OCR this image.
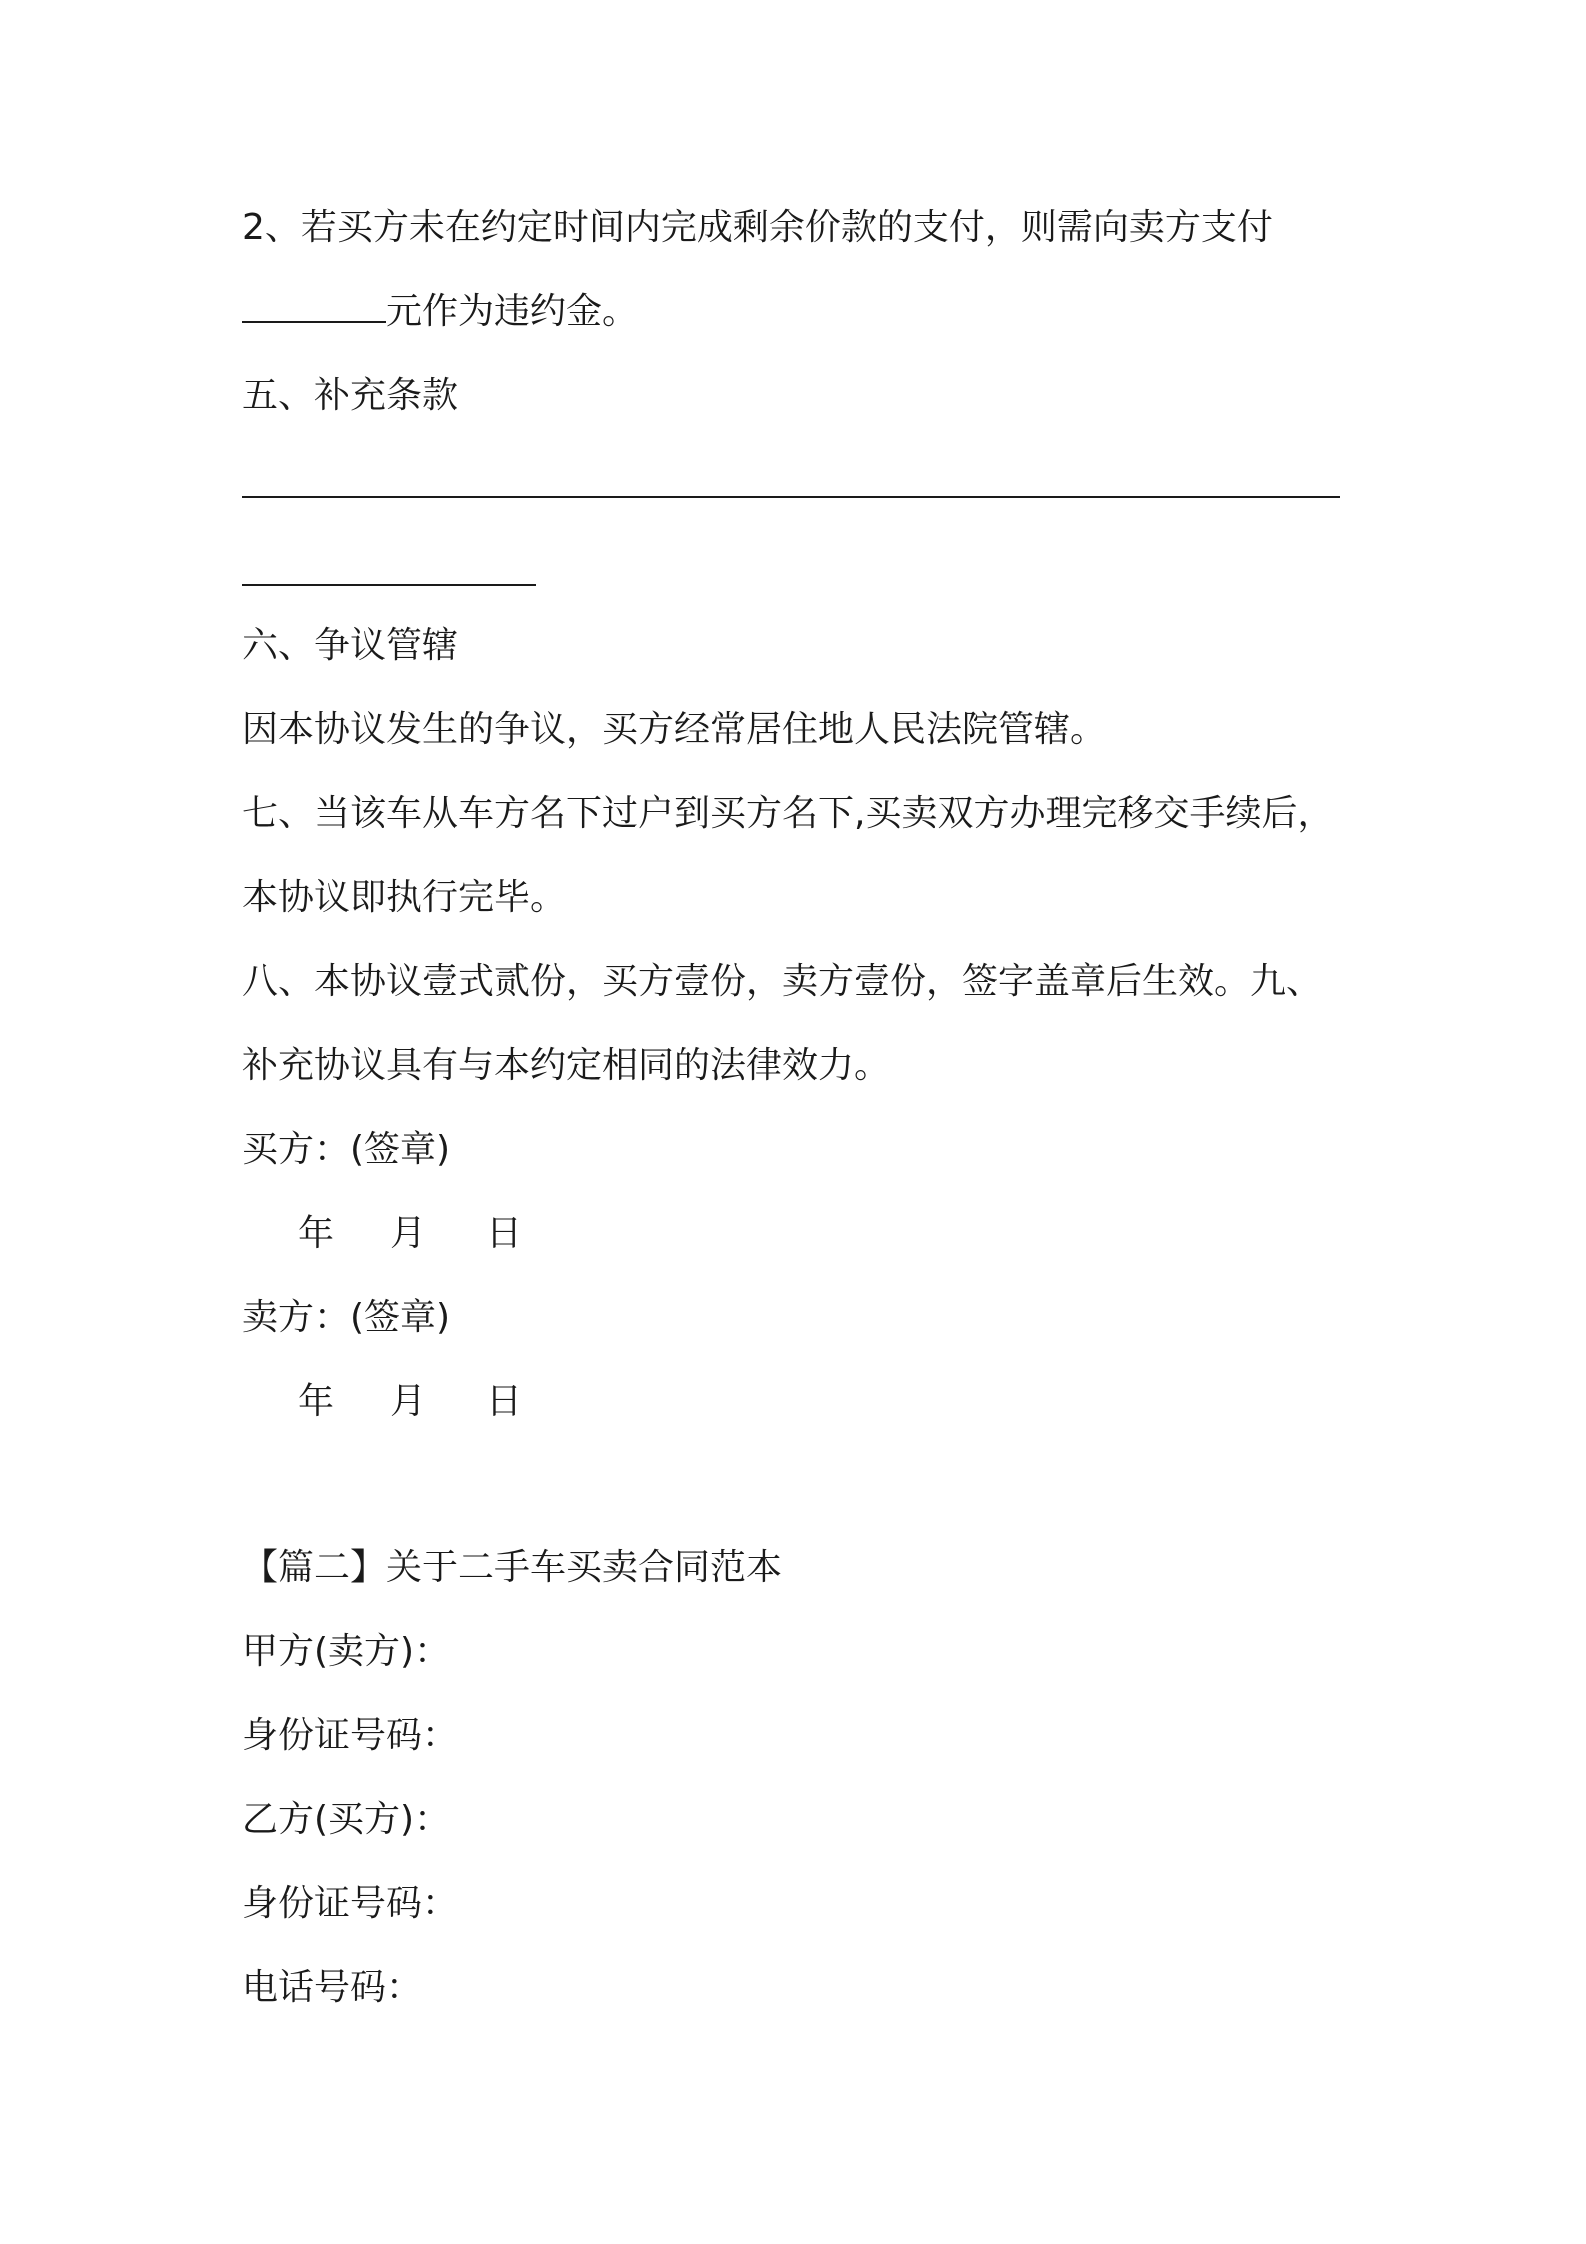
2、若买方未在约定时间内完成剩余价款的支付，则需向卖方支付

元作为违约金。

五、补充条款

六、争议管辖

因本协议发生的争议，买方经常居住地人民法院管辖。

七、当该车从车方名下过户到买方名下,买卖双方办理完移交手续后，

本协议即执行完毕。

八、本协议壹式贰份，买方壹份，卖方壹份，签字盖章后生效。九、

补充协议具有与本约定相同的法律效力。

买方：(签章)

年 月 日

卖方：(签章)

年 月 日

【篇二】关于二手车买卖合同范本

甲方(卖方)：

身份证号码：

乙方(买方)：

身份证号码：

电话号码：
